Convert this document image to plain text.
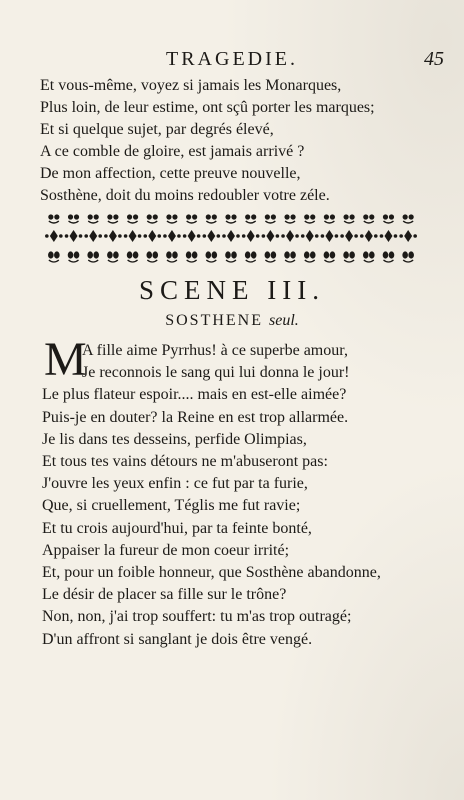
TRAGEDIE.	45
Et vous-même, voyez si jamais les Monarques,
Plus loin, de leur estime, ont sçû porter les marques;
Et si quelque sujet, par degrés élevé,
A ce comble de gloire, est jamais arrivé ?
De mon affection, cette preuve nouvelle,
Sosthène, doit du moins redoubler votre zéle.
SCENE III.
SOSTHENE seul.
M
A fille aime Pyrrhus! à ce superbe amour,
Je reconnois le sang qui lui donna le jour!
Le plus flateur espoir.... mais en est-elle aimée?
Puis-je en douter? la Reine en est trop allarmée.
Je lis dans tes desseins, perfide Olimpias,
Et tous tes vains détours ne m'abuseront pas:
J'ouvre les yeux enfin : ce fut par ta furie,
Que, si cruellement, Téglis me fut ravie;
Et tu crois aujourd'hui, par ta feinte bonté,
Appaiser la fureur de mon coeur irrité;
Et, pour un foible honneur, que Sosthène abandonne,
Le désir de placer sa fille sur le trône?
Non, non, j'ai trop souffert: tu m'as trop outragé;
D'un affront si sanglant je dois être vengé.
